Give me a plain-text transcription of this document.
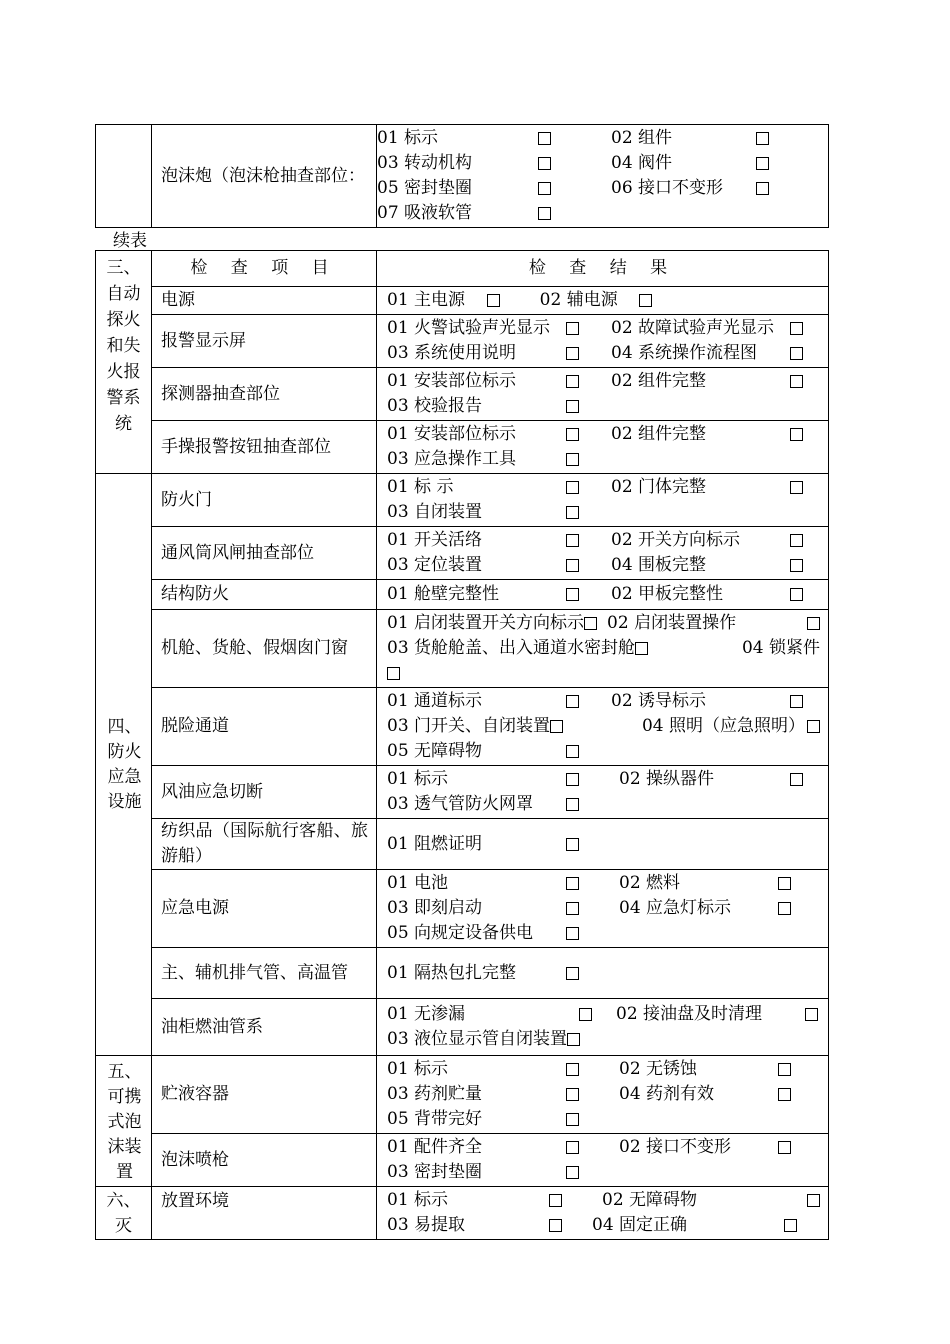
	泡沫炮（泡沫枪抽查部位：	
01 标示	02 组件
03 转动机构	04 阀件
05 密封垫圈	06 接口不变形
07 吸液软管
续表
三、自动探火和失火报警系统	检 查 项 目	检 查 结 果
	电源	01 主电源
02 辅电源

	报警显示屏	01 火警试验声光显示 02 故障试验声光显示
03 系统使用说明 04 系统操作流程图

	探测器抽查部位	01 安装部位标示 02 组件完整
03 校验报告

	手操报警按钮抽查部位	01 安装部位标示 02 组件完整
03 应急操作工具

四、防火应急设施	防火门	01 标 示 02 门体完整
03 自闭装置

	通风筒风闸抽查部位	01 开关活络 02 开关方向标示
03 定位装置 04 围板完整

	结构防火	01 舱壁完整性 02 甲板完整性

	机舱、货舱、假烟囱门窗	01 启闭装置开关方向标示 02 启闭装置操作
03 货舱舱盖、出入通道水密封舱 04 锁紧件

	脱险通道	01 通道标示 02 诱导标示
03 门开关、自闭装置 04 照明（应急照明）
05 无障碍物

	风油应急切断	01 标示 02 操纵器件
03 透气管防火网罩

	纺织品（国际航行客船、旅游船）	01 阻燃证明

	应急电源	01 电池 02 燃料
03 即刻启动 04 应急灯标示
05 向规定设备供电

	主、辅机排气管、高温管	01 隔热包扎完整

	油柜燃油管系	01 无渗漏 02 接油盘及时清理
03 液位显示管自闭装置

五、可携式泡沫装置	贮液容器	01 标示 02 无锈蚀
03 药剂贮量 04 药剂有效
05 背带完好

	泡沫喷枪	01 配件齐全 02 接口不变形
03 密封垫圈

六、灭	放置环境	01 标示 02 无障碍物
03 易提取 04 固定正确
